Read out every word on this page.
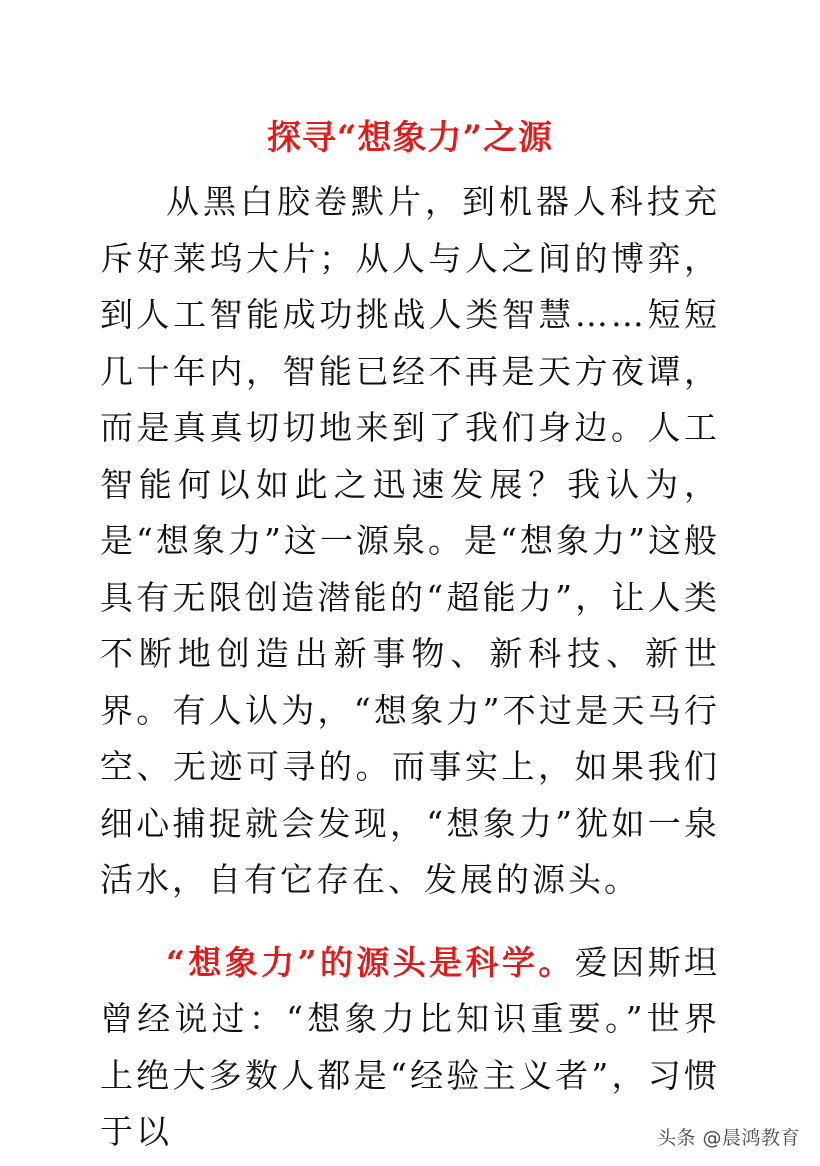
探寻“想象力”之源

从黑白胶卷默片，到机器人科技充斥好莱坞大片；从人与人之间的博弈，到人工智能成功挑战人类智慧……短短几十年内，智能已经不再是天方夜谭，而是真真切切地来到了我们身边。人工智能何以如此之迅速发展？我认为，是“想象力”这一源泉。是“想象力”这般具有无限创造潜能的“超能力”，让人类不断地创造出新事物、新科技、新世界。有人认为，“想象力”不过是天马行空、无迹可寻的。而事实上，如果我们细心捕捉就会发现，“想象力”犹如一泉活水，自有它存在、发展的源头。

“想象力”的源头是科学。爱因斯坦曾经说过：“想象力比知识重要。”世界上绝大多数人都是“经验主义者”，习惯于以	头条 @晨鸿教育
